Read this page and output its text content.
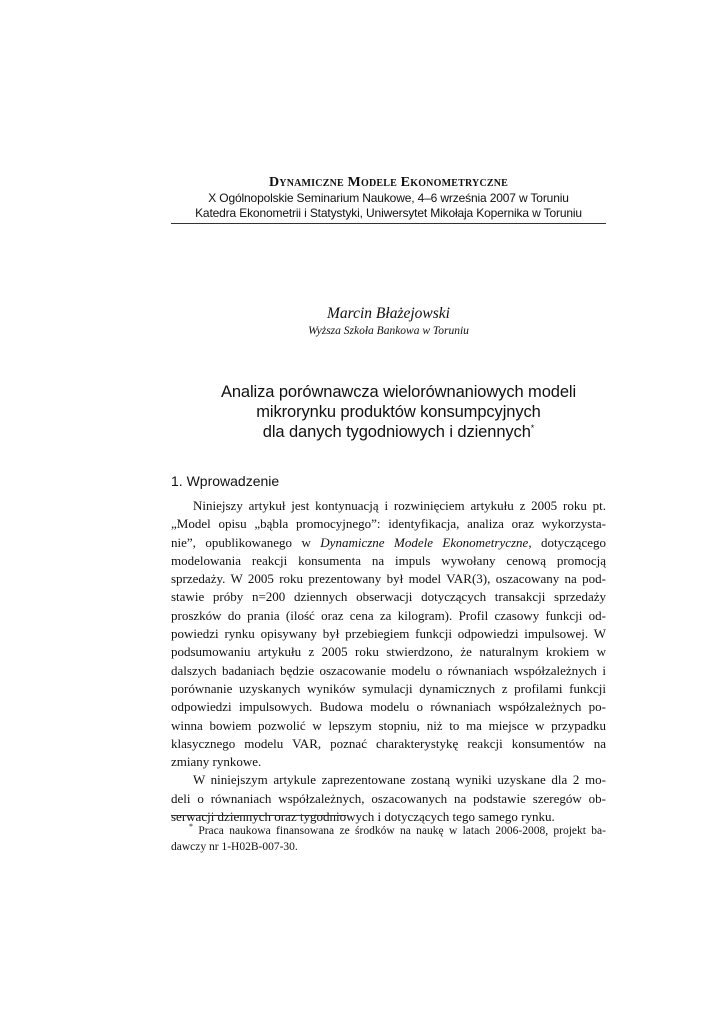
Dynamiczne Modele Ekonometryczne
X Ogólnopolskie Seminarium Naukowe, 4–6 września 2007 w Toruniu
Katedra Ekonometrii i Statystyki, Uniwersytet Mikołaja Kopernika w Toruniu
Marcin Błażejowski
Wyższa Szkoła Bankowa w Toruniu
Analiza porównawcza wielorównaniowych modeli
mikrorynku produktów konsumpcyjnych
dla danych tygodniowych i dziennych*
1. Wprowadzenie
Niniejszy artykuł jest kontynuacją i rozwinięciem artykułu z 2005 roku pt.
„Model opisu „bąbla promocyjnego”: identyfikacja, analiza oraz wykorzysta-
nie”, opublikowanego w Dynamiczne Modele Ekonometryczne, dotyczącego
modelowania reakcji konsumenta na impuls wywołany cenową promocją
sprzedaży. W 2005 roku prezentowany był model VAR(3), oszacowany na pod-
stawie próby n=200 dziennych obserwacji dotyczących transakcji sprzedaży
proszków do prania (ilość oraz cena za kilogram). Profil czasowy funkcji od-
powiedzi rynku opisywany był przebiegiem funkcji odpowiedzi impulsowej. W
podsumowaniu artykułu z 2005 roku stwierdzono, że naturalnym krokiem w
dalszych badaniach będzie oszacowanie modelu o równaniach współzależnych i
porównanie uzyskanych wyników symulacji dynamicznych z profilami funkcji
odpowiedzi impulsowych. Budowa modelu o równaniach współzależnych po-
winna bowiem pozwolić w lepszym stopniu, niż to ma miejsce w przypadku
klasycznego modelu VAR, poznać charakterystykę reakcji konsumentów na
zmiany rynkowe.
W niniejszym artykule zaprezentowane zostaną wyniki uzyskane dla 2 mo-
deli o równaniach współzależnych, oszacowanych na podstawie szeregów ob-
serwacji dziennych oraz tygodniowych i dotyczących tego samego rynku.
* Praca naukowa finansowana ze środków na naukę w latach 2006-2008, projekt ba-
dawczy nr 1-H02B-007-30.
